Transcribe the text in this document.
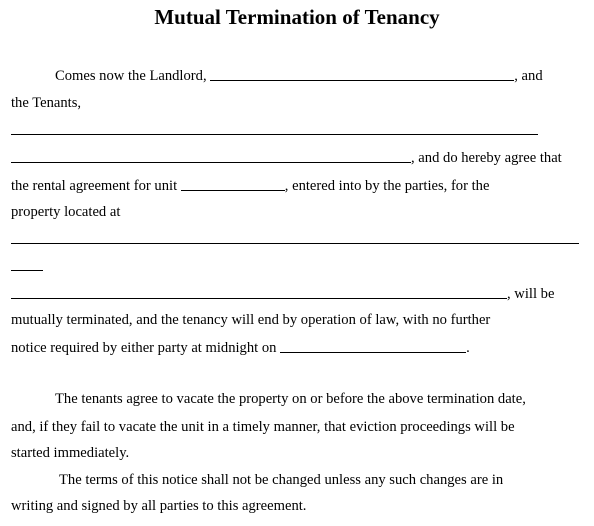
Mutual Termination of Tenancy
Comes now the Landlord,	, and
the Tenants,
, and do hereby agree that
the rental agreement for unit	, entered into by the parties, for the
property located at
, will be
mutually terminated, and the tenancy will end by operation of law, with no further
notice required by either party at midnight on	.
The tenants agree to vacate the property on or before the above termination date,
and, if they fail to vacate the unit in a timely manner, that eviction proceedings will be
started immediately.
The terms of this notice shall not be changed unless any such changes are in
writing and signed by all parties to this agreement.
